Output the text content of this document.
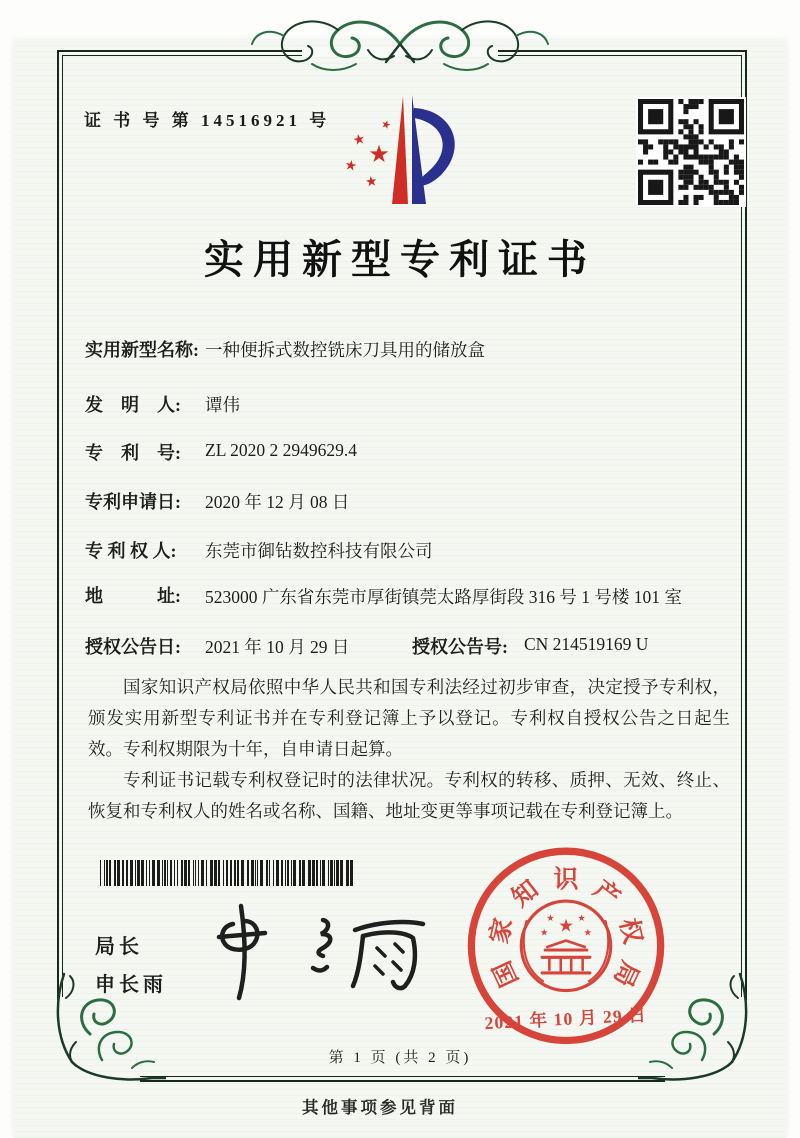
证 书 号 第 14516921 号
★
★
★
★
★
实用新型专利证书
实用新型名称: 一种便拆式数控铣床刀具用的储放盒
发　明　人:	谭伟
专　利　号:	ZL 2020 2 2949629.4
专利申请日:	2020 年 12 月 08 日
专 利 权 人:	东莞市御钻数控科技有限公司
地　　　址:	523000 广东省东莞市厚街镇莞太路厚街段 316 号 1 号楼 101 室
授权公告日:	2021 年 10 月 29 日	授权公告号: CN 214519169 U

国家知识产权局依照中华人民共和国专利法经过初步审查，决定授予专利权，颁发实用新型专利证书并在专利登记簿上予以登记。专利权自授权公告之日起生效。专利权期限为十年，自申请日起算。

专利证书记载专利权登记时的法律状况。专利权的转移、质押、无效、终止、恢复和专利权人的姓名或名称、国籍、地址变更等事项记载在专利登记簿上。

局长
申长雨	国
家
知 识 产
权
局
★
★	★
★	★
2021 年 10 月 29 日
第 1 页 (共 2 页)
其他事项参见背面
